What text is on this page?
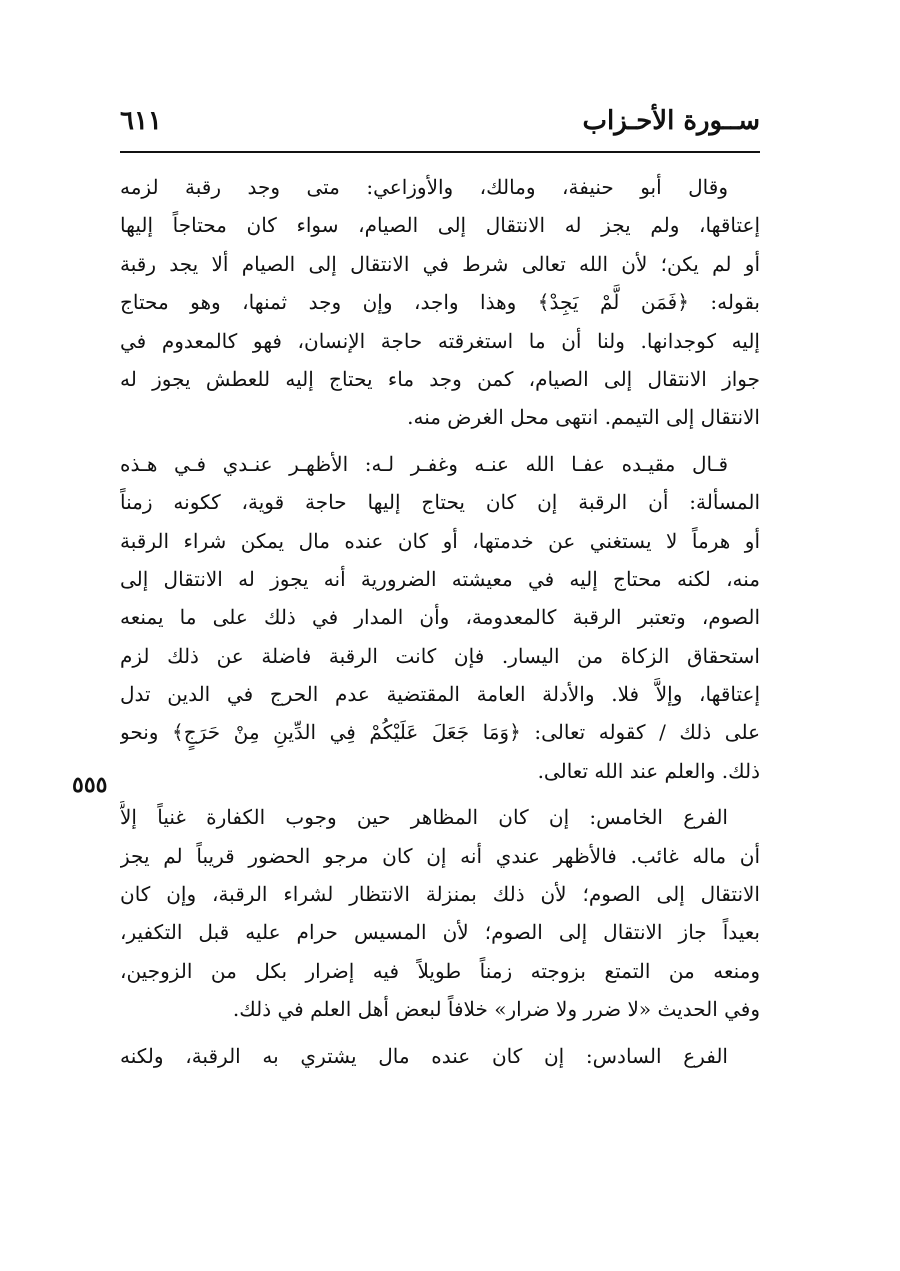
ســورة الأحـزاب
٦١١
٥٥٥
وقال أبو حنيفة، ومالك، والأوزاعي: متى وجد رقبة لزمه
إعتاقها، ولم يجز له الانتقال إلى الصيام، سواء كان محتاجاً إليها
أو لم يكن؛ لأن الله تعالى شرط في الانتقال إلى الصيام ألا يجد رقبة
بقوله: ﴿فَمَن لَّمْ يَجِدْ﴾ وهذا واجد، وإن وجد ثمنها، وهو محتاج
إليه كوجدانها. ولنا أن ما استغرقته حاجة الإنسان، فهو كالمعدوم في
جواز الانتقال إلى الصيام، كمن وجد ماء يحتاج إليه للعطش يجوز له
الانتقال إلى التيمم. انتهى محل الغرض منه.
قـال مقيـده عفـا الله عنـه وغفـر لـه: الأظهـر عنـدي فـي هـذه
المسألة: أن الرقبة إن كان يحتاج إليها حاجة قوية، ككونه زمناً
أو هرماً لا يستغني عن خدمتها، أو كان عنده مال يمكن شراء الرقبة
منه، لكنه محتاج إليه في معيشته الضرورية أنه يجوز له الانتقال إلى
الصوم، وتعتبر الرقبة كالمعدومة، وأن المدار في ذلك على ما يمنعه
استحقاق الزكاة من اليسار. فإن كانت الرقبة فاضلة عن ذلك لزم
إعتاقها، وإلاَّ فلا. والأدلة العامة المقتضية عدم الحرج في الدين تدل
على ذلك / كقوله تعالى: ﴿وَمَا جَعَلَ عَلَيْكُمْ فِي الدِّينِ مِنْ حَرَجٍ﴾ ونحو
ذلك. والعلم عند الله تعالى.
الفرع الخامس: إن كان المظاهر حين وجوب الكفارة غنياً إلاَّ
أن ماله غائب. فالأظهر عندي أنه إن كان مرجو الحضور قريباً لم يجز
الانتقال إلى الصوم؛ لأن ذلك بمنزلة الانتظار لشراء الرقبة، وإن كان
بعيداً جاز الانتقال إلى الصوم؛ لأن المسيس حرام عليه قبل التكفير،
ومنعه من التمتع بزوجته زمناً طويلاً فيه إضرار بكل من الزوجين،
وفي الحديث «لا ضرر ولا ضرار» خلافاً لبعض أهل العلم في ذلك.
الفرع السادس: إن كان عنده مال يشتري به الرقبة، ولكنه
